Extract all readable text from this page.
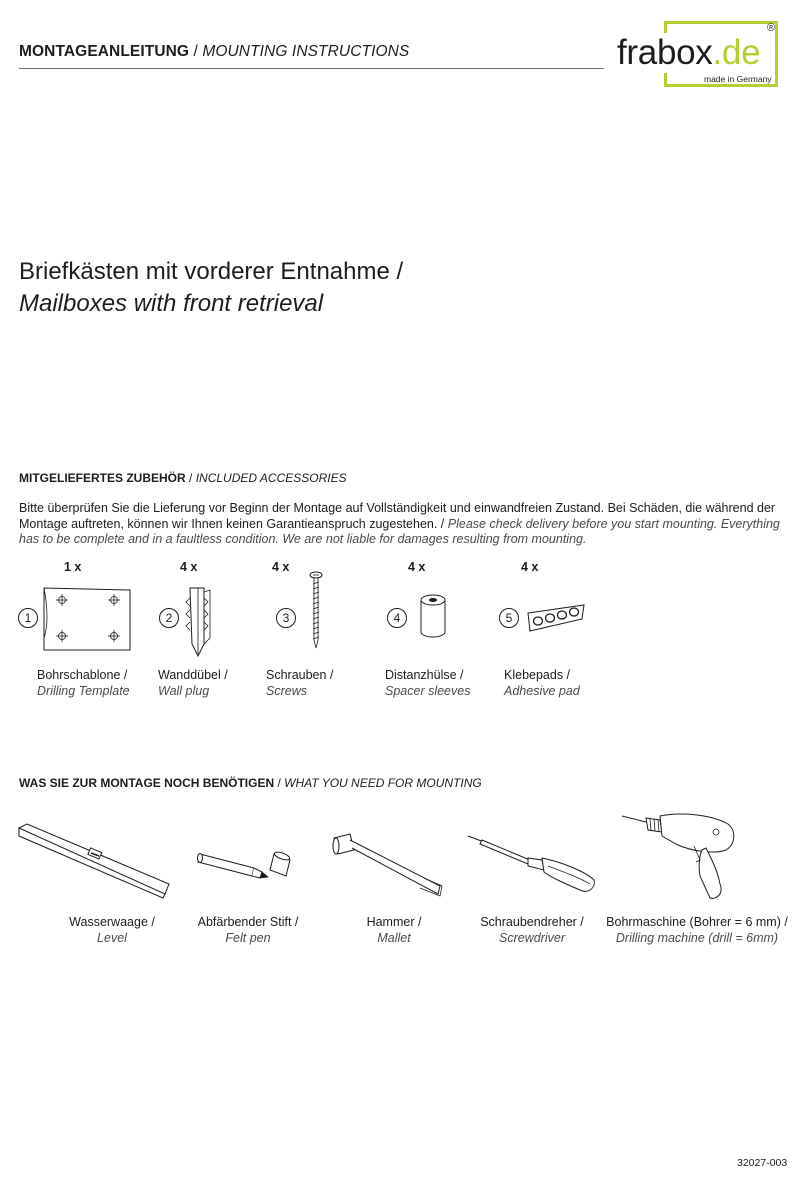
MONTAGEANLEITUNG / MOUNTING INSTRUCTIONS	frabox.de
®
made in Germany
Briefkästen mit vorderer Entnahme /
Mailboxes with front retrieval
MITGELIEFERTES ZUBEHÖR / INCLUDED ACCESSORIES
Bitte überprüfen Sie die Lieferung vor Beginn der Montage auf Vollständigkeit und einwandfreien Zustand. Bei Schäden, die während der Montage auftreten, können wir Ihnen keinen Garantieanspruch zugestehen. / Please check delivery before you start mounting. Everything has to be complete and in a faultless condition. We are not liable for damages resulting from mounting.
1 x	4 x	4 x	4 x	4 x
1	2	3	4	5
Bohrschablone /
Drilling Template
Wanddübel /
Wall plug
Schrauben /
Screws
Distanzhülse /
Spacer sleeves
Klebepads /
Adhesive pad
WAS SIE ZUR MONTAGE NOCH BENÖTIGEN / WHAT YOU NEED FOR MOUNTING
Wasserwaage /
Level
Abfärbender Stift /
Felt pen
Hammer /
Mallet
Schraubendreher /
Screwdriver
Bohrmaschine (Bohrer = 6 mm) /
Drilling machine (drill = 6mm)
32027-003
